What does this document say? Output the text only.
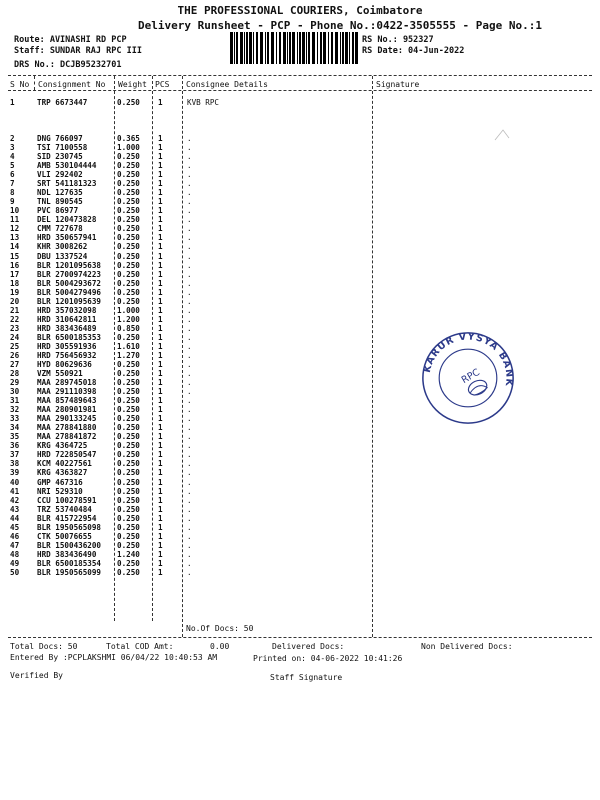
THE PROFESSIONAL COURIERS, Coimbatore
Delivery Runsheet - PCP - Phone No.:0422-3505555 - Page No.:1
Route: AVINASHI RD PCP
Staff: SUNDAR RAJ RPC III
DRS No.: DCJB95232701
RS No.: 952327
RS Date: 04-Jun-2022
S No Consignment No Weight PCS Consignee Details	Signature
1	TRP 6673447	0.250 1	KVB RPC
2	DNG 766097	0.365 1	.
3	TSI 7100558	1.000 1	.
4	SID 230745	0.250 1	.
5	AMB 530104444	0.250 1	.
6	VLI 292402	0.250 1	.
7	SRT 541181323	0.250 1	.
8	NDL 127635	0.250 1	.
9	TNL 890545	0.250 1	.
10 PVC 86977	0.250 1	.
11 DEL 120473828	0.250 1	.
12 CMM 727678	0.250 1	.
13 HRD 350657941	0.250 1	.
14 KHR 3008262	0.250 1	.
15 DBU 1337524	0.250 1	.
16 BLR 1201095638 0.250 1	.
17 BLR 2700974223 0.250 1	.
18 BLR 5004293672 0.250 1	.
19 BLR 5004279496 0.250 1	.
20 BLR 1201095639 0.250 1	.
21 HRD 357032098	1.000 1	.
22 HRD 310642811	1.200 1	.
23 HRD 383436489	0.850 1	.
24 BLR 6500185353 0.250 1	.
25 HRD 305591936	1.610 1	.
26 HRD 756456932	1.270 1	.
27 HYD 80629636	0.250 1	.
28 VZM 550921	0.250 1	.
29 MAA 289745018	0.250 1	.
30 MAA 291110398	0.250 1	.
31 MAA 857489643	0.250 1	.
32 MAA 280901981	0.250 1	.
33 MAA 290133245	0.250 1	.
34 MAA 278841880	0.250 1	.
35 MAA 278841872	0.250 1	.
36 KRG 4364725	0.250 1	.
37 HRD 722850547	0.250 1	.
38 KCM 40227561	0.250 1	.
39 KRG 4363827	0.250 1	.
40 GMP 467316	0.250 1	.
41 NRI 529310	0.250 1	.
42 CCU 100278591	0.250 1	.
43 TRZ 53740484	0.250 1	.
44 BLR 415722954	0.250 1	.
45 BLR 1950565098 0.250 1	.
46 CTK 50076655	0.250 1	.
47 BLR 1500436200 0.250 1	.
48 HRD 383436490	1.240 1	.
49 BLR 6500185354 0.250 1	.
50 BLR 1950565099 0.250 1	.
No.Of Docs: 50
Total Docs: 50	Total COD Amt:	0.00	Delivered Docs:	Non Delivered Docs:
Entered By :PCPLAKSHMI 06/04/22 10:40:53 AM	Printed on: 04-06-2022 10:41:26
Verified By	Staff Signature
KARUR VYSYA BANK
RPC
